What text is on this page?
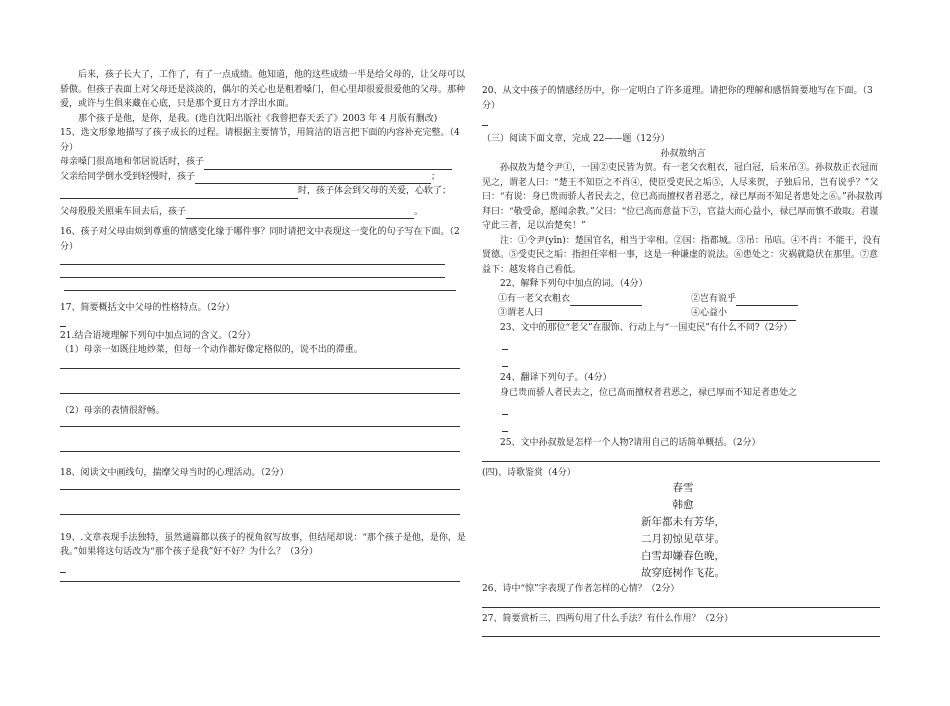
后来，孩子长大了，工作了，有了一点成绩。他知道，他的这些成绩一半是给父母的，让父母可以骄傲。但孩子表面上对父母还是淡淡的，偶尔的关心也是粗着嗓门，但心里却很爱很爱他的父母。那种爱，或许与生俱来藏在心底，只是那个夏日方才浮出水面。

那个孩子是他，是你，是我。(选自沈阳出版社《我曾把春天丢了》2003 年 4 月版有删改)

15、选文形象地描写了孩子成长的过程。请根据主要情节，用简洁的语言把下面的内容补充完整。（4分）

母亲嗓门很高地和邻居说话时，孩子

父亲给同学倒水受到轻慢时，孩子	；

时，孩子体会到父母的关爱，心软了；

父母殷殷关照乘车回去后，孩子	。

16、孩子对父母由烦到尊重的情感变化缘于哪件事？同时请把文中表现这一变化的句子写在下面。（2分）

17、简要概括文中父母的性格特点。（2分）

21.结合语境理解下列句中加点词的含义。（2分）

（1）母亲一如既往地炒菜，但每一个动作都好像定格似的，说不出的滞重。

（2）母亲的表情很舒畅。

18、阅读文中画线句，揣摩父母当时的心理活动。（2分）

19、.文章表现手法独特，虽然通篇都以孩子的视角叙写故事，但结尾却说：“那个孩子是他，是你，是我。”如果将这句话改为“那个孩子是我”好不好？为什么？（3分）

20、从文中孩子的情感经历中，你一定明白了许多道理。请把你的理解和感悟简要地写在下面。（3分）

（三）阅读下面文章，完成 22——题（12分）

孙叔敖纳言

孙叔敖为楚令尹①，一国②吏民皆为贺。有一老父衣粗衣，冠白冠，后来吊③。孙叔敖正衣冠而见之，谓老人曰：“楚王不知臣之不肖④，使臣受吏民之垢⑤，人尽来贺，子独后吊，岂有说乎？”父曰：“有说：身已贵而骄人者民去之，位已高而擅权者君恶之，禄已厚而不知足者患处之⑥。”孙叔敖再拜曰：“敬受命，愿闻余教。”父曰：“位已高而意益下⑦，官益大而心益小，禄已厚而慎不敢取。君谨守此三者，足以治楚矣！”

注：①令尹(yǐn)：楚国官名，相当于宰相。②国：指都城。③吊：吊唁。④不肖：不能干，没有贤德。⑤受吏民之垢：指担任宰相一事，这是一种谦虚的说法。⑥患处之：灾祸就隐伏在那里。⑦意益下：越发将自己看低。

22、解释下列句中加点的词。（4分）

①有一老父衣粗衣	②岂有说乎
③谓老人曰	④心益小

23、文中的那位“老父”在服饰、行动上与“一国吏民”有什么不同?（2分）

24、翻译下列句子。（4分）

身已贵而骄人者民去之，位已高而擅权者君恶之，禄已厚而不知足者患处之

25、文中孙叔敖是怎样一个人物?请用自己的话简单概括。（2分）

(四)、诗歌鉴赏（4分）

春雪
韩愈
新年都未有芳华，
二月初惊见草芽。
白雪却嫌春色晚，
故穿庭树作飞花。

26、诗中“惊”字表现了作者怎样的心情？（2分）

27、简要赏析三、四两句用了什么手法？有什么作用？（2分）
